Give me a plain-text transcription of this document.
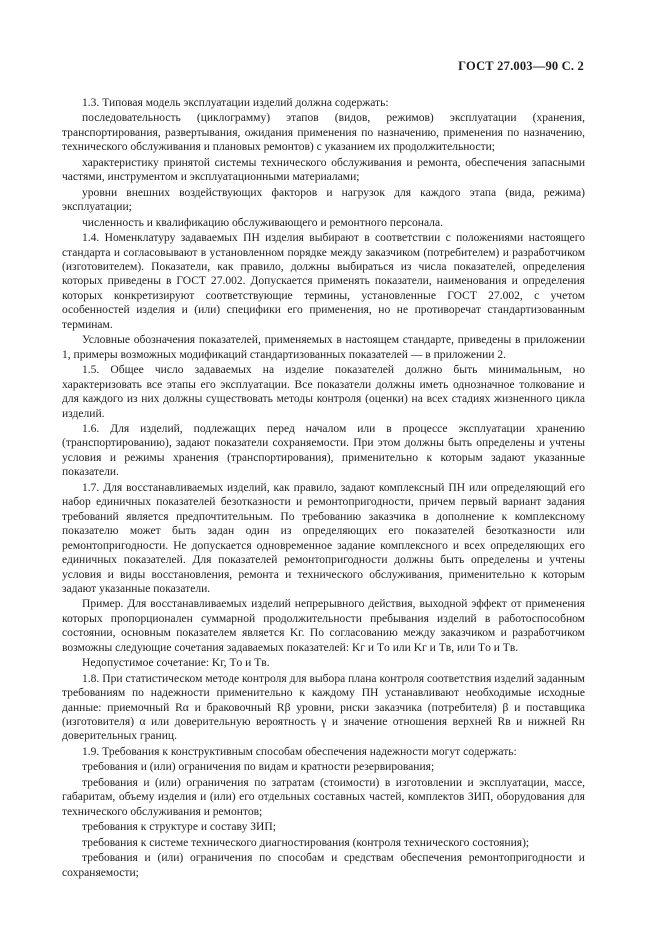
ГОСТ 27.003—90 С. 2

1.3. Типовая модель эксплуатации изделий должна содержать:

последовательность (циклограмму) этапов (видов, режимов) эксплуатации (хранения, транспортирования, развертывания, ожидания применения по назначению, применения по назначению, технического обслуживания и плановых ремонтов) с указанием их продолжительности;

характеристику принятой системы технического обслуживания и ремонта, обеспечения запасными частями, инструментом и эксплуатационными материалами;

уровни внешних воздействующих факторов и нагрузок для каждого этапа (вида, режима) эксплуатации;

численность и квалификацию обслуживающего и ремонтного персонала.

1.4. Номенклатуру задаваемых ПН изделия выбирают в соответствии с положениями настоящего стандарта и согласовывают в установленном порядке между заказчиком (потребителем) и разработчиком (изготовителем). Показатели, как правило, должны выбираться из числа показателей, определения которых приведены в ГОСТ 27.002. Допускается применять показатели, наименования и определения которых конкретизируют соответствующие термины, установленные ГОСТ 27.002, с учетом особенностей изделия и (или) специфики его применения, но не противоречат стандартизованным терминам.

Условные обозначения показателей, применяемых в настоящем стандарте, приведены в приложении 1, примеры возможных модификаций стандартизованных показателей — в приложении 2.

1.5. Общее число задаваемых на изделие показателей должно быть минимальным, но характеризовать все этапы его эксплуатации. Все показатели должны иметь однозначное толкование и для каждого из них должны существовать методы контроля (оценки) на всех стадиях жизненного цикла изделий.

1.6. Для изделий, подлежащих перед началом или в процессе эксплуатации хранению (транспортированию), задают показатели сохраняемости. При этом должны быть определены и учтены условия и режимы хранения (транспортирования), применительно к которым задают указанные показатели.

1.7. Для восстанавливаемых изделий, как правило, задают комплексный ПН или определяющий его набор единичных показателей безотказности и ремонтопригодности, причем первый вариант задания требований является предпочтительным. По требованию заказчика в дополнение к комплексному показателю может быть задан один из определяющих его показателей безотказности или ремонтопригодности. Не допускается одновременное задание комплексного и всех определяющих его единичных показателей. Для показателей ремонтопригодности должны быть определены и учтены условия и виды восстановления, ремонта и технического обслуживания, применительно к которым задают указанные показатели.

Пример. Для восстанавливаемых изделий непрерывного действия, выходной эффект от применения которых пропорционален суммарной продолжительности пребывания изделий в работоспособном состоянии, основным показателем является Kг. По согласованию между заказчиком и разработчиком возможны следующие сочетания задаваемых показателей: Kг и Tо или Kг и Tв, или Tо и Tв.

Недопустимое сочетание: Kг, Tо и Tв.

1.8. При статистическом методе контроля для выбора плана контроля соответствия изделий заданным требованиям по надежности применительно к каждому ПН устанавливают необходимые исходные данные: приемочный Rα и браковочный Rβ уровни, риски заказчика (потребителя) β и поставщика (изготовителя) α или доверительную вероятность γ и значение отношения верхней Rв и нижней Rн доверительных границ.

1.9. Требования к конструктивным способам обеспечения надежности могут содержать:

требования и (или) ограничения по видам и кратности резервирования;

требования и (или) ограничения по затратам (стоимости) в изготовлении и эксплуатации, массе, габаритам, объему изделия и (или) его отдельных составных частей, комплектов ЗИП, оборудования для технического обслуживания и ремонтов;

требования к структуре и составу ЗИП;

требования к системе технического диагностирования (контроля технического состояния);

требования и (или) ограничения по способам и средствам обеспечения ремонтопригодности и сохраняемости;
